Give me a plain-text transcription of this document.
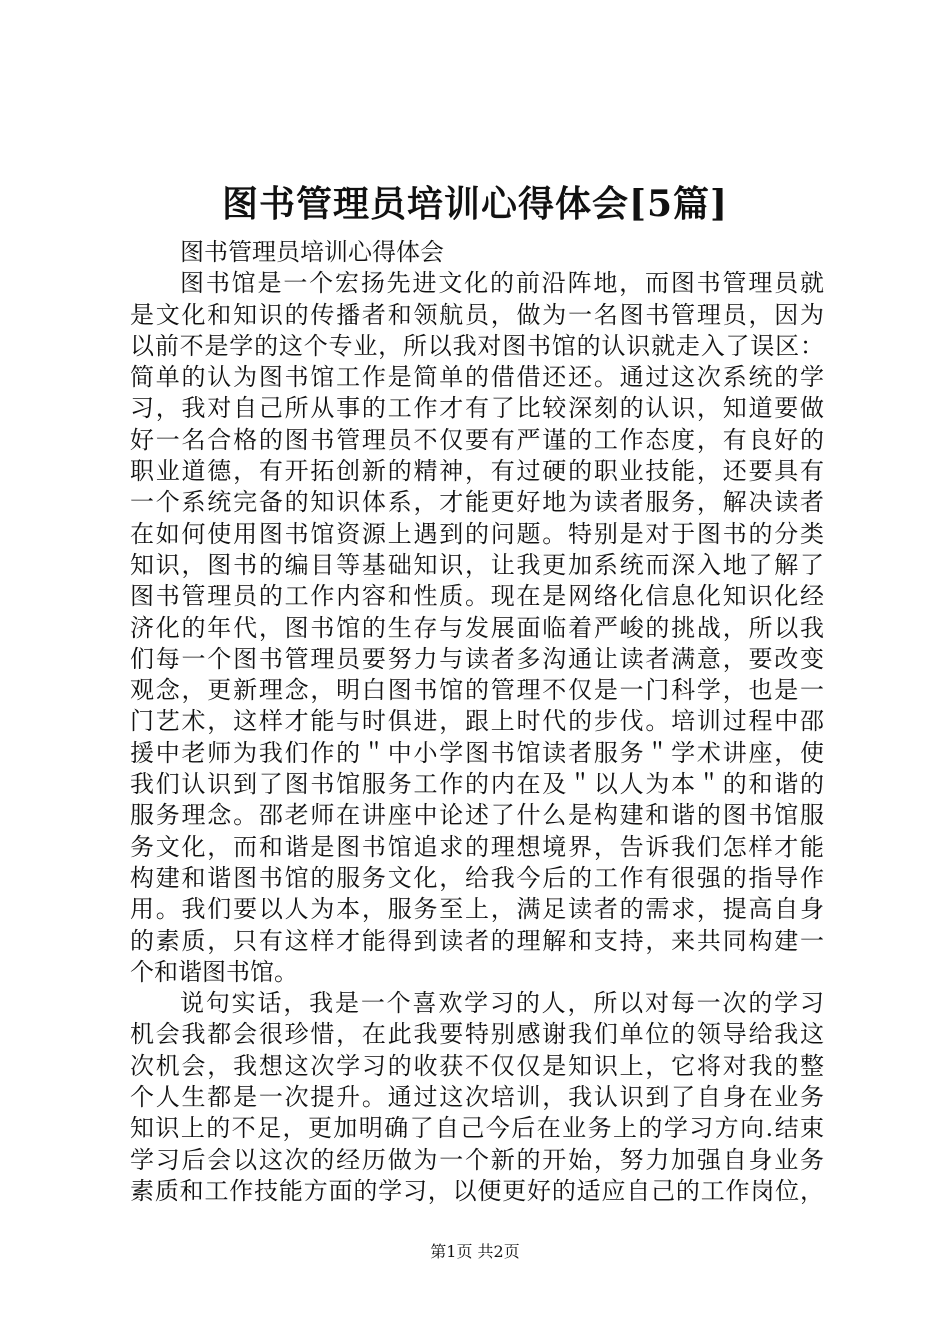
图书管理员培训心得体会[5篇]
图书管理员培训心得体会
图书馆是一个宏扬先进文化的前沿阵地，而图书管理员就
是文化和知识的传播者和领航员，做为一名图书管理员，因为
以前不是学的这个专业，所以我对图书馆的认识就走入了误区：
简单的认为图书馆工作是简单的借借还还。通过这次系统的学
习，我对自己所从事的工作才有了比较深刻的认识，知道要做
好一名合格的图书管理员不仅要有严谨的工作态度，有良好的
职业道德，有开拓创新的精神，有过硬的职业技能，还要具有
一个系统完备的知识体系，才能更好地为读者服务，解决读者
在如何使用图书馆资源上遇到的问题。特别是对于图书的分类
知识，图书的编目等基础知识，让我更加系统而深入地了解了
图书管理员的工作内容和性质。现在是网络化信息化知识化经
济化的年代，图书馆的生存与发展面临着严峻的挑战，所以我
们每一个图书管理员要努力与读者多沟通让读者满意，要改变
观念，更新理念，明白图书馆的管理不仅是一门科学，也是一
门艺术，这样才能与时俱进，跟上时代的步伐。培训过程中邵
援中老师为我们作的＂中小学图书馆读者服务＂学术讲座，使
我们认识到了图书馆服务工作的内在及＂以人为本＂的和谐的
服务理念。邵老师在讲座中论述了什么是构建和谐的图书馆服
务文化，而和谐是图书馆追求的理想境界，告诉我们怎样才能
构建和谐图书馆的服务文化，给我今后的工作有很强的指导作
用。我们要以人为本，服务至上，满足读者的需求，提高自身
的素质，只有这样才能得到读者的理解和支持，来共同构建一
个和谐图书馆。
说句实话，我是一个喜欢学习的人，所以对每一次的学习
机会我都会很珍惜，在此我要特别感谢我们单位的领导给我这
次机会，我想这次学习的收获不仅仅是知识上，它将对我的整
个人生都是一次提升。通过这次培训，我认识到了自身在业务
知识上的不足，更加明确了自己今后在业务上的学习方向.结束
学习后会以这次的经历做为一个新的开始，努力加强自身业务
素质和工作技能方面的学习，以便更好的适应自己的工作岗位，
第1页 共2页
